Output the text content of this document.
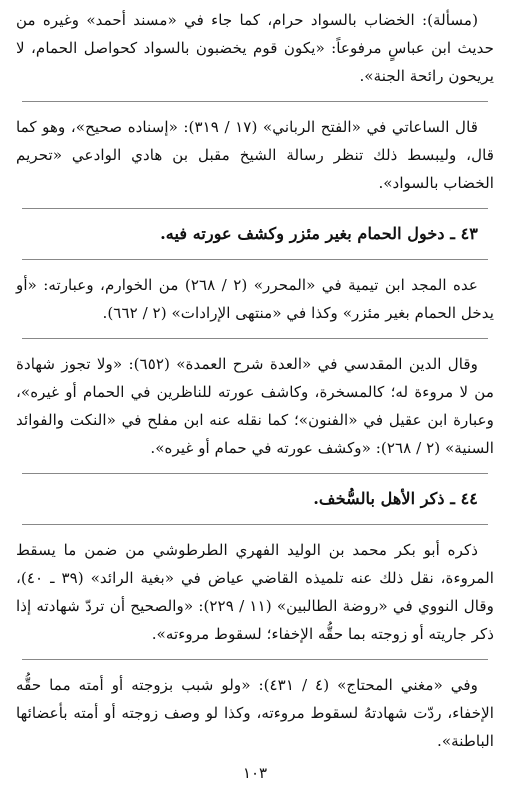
(مسألة): الخضاب بالسواد حرام، كما جاء في «مسند أحمد» وغيره من حديث ابن عباسٍ مرفوعاً: «يكون قوم يخضبون بالسواد كحواصل الحمام، لا يريحون رائحة الجنة».

قال الساعاتي في «الفتح الرباني» (١٧ / ٣١٩): «إسناده صحيح»، وهو كما قال، وليبسط ذلك تنظر رسالة الشيخ مقبل بن هادي الوادعي «تحريم الخضاب بالسواد».

٤٣ ـ دخول الحمام بغير مئزر وكشف عورته فيه.

عده المجد ابن تيمية في «المحرر» (٢ / ٢٦٨) من الخوارم، وعبارته: «أو يدخل الحمام بغير مئزر» وكذا في «منتهى الإرادات» (٢ / ٦٦٢).

وقال الدين المقدسي في «العدة شرح العمدة» (٦٥٢): «ولا تجوز شهادة من لا مروءة له؛ كالمسخرة، وكاشف عورته للناظرين في الحمام أو غيره»، وعبارة ابن عقيل في «الفنون»؛ كما نقله عنه ابن مفلح في «النكت والفوائد السنية» (٢ / ٢٦٨): «وكشف عورته في حمام أو غيره».

٤٤ ـ ذكر الأهل بالسُّخف.

ذكره أبو بكر محمد بن الوليد الفهري الطرطوشي من ضمن ما يسقط المروءة، نقل ذلك عنه تلميذه القاضي عياض في «بغية الرائد» (٣٩ ـ ٤٠)، وقال النووي في «روضة الطالبين» (١١ / ٢٢٩): «والصحيح أن تردّ شهادته إذا ذكر جاريته أو زوجته بما حقُّه الإخفاء؛ لسقوط مروءته».

وفي «مغني المحتاج» (٤ / ٤٣١): «ولو شبب بزوجته أو أمته مما حقُّه الإخفاء، ردّت شهادتهُ لسقوط مروءته، وكذا لو وصف زوجته أو أمته بأعضائها الباطنة».

١٠٣
